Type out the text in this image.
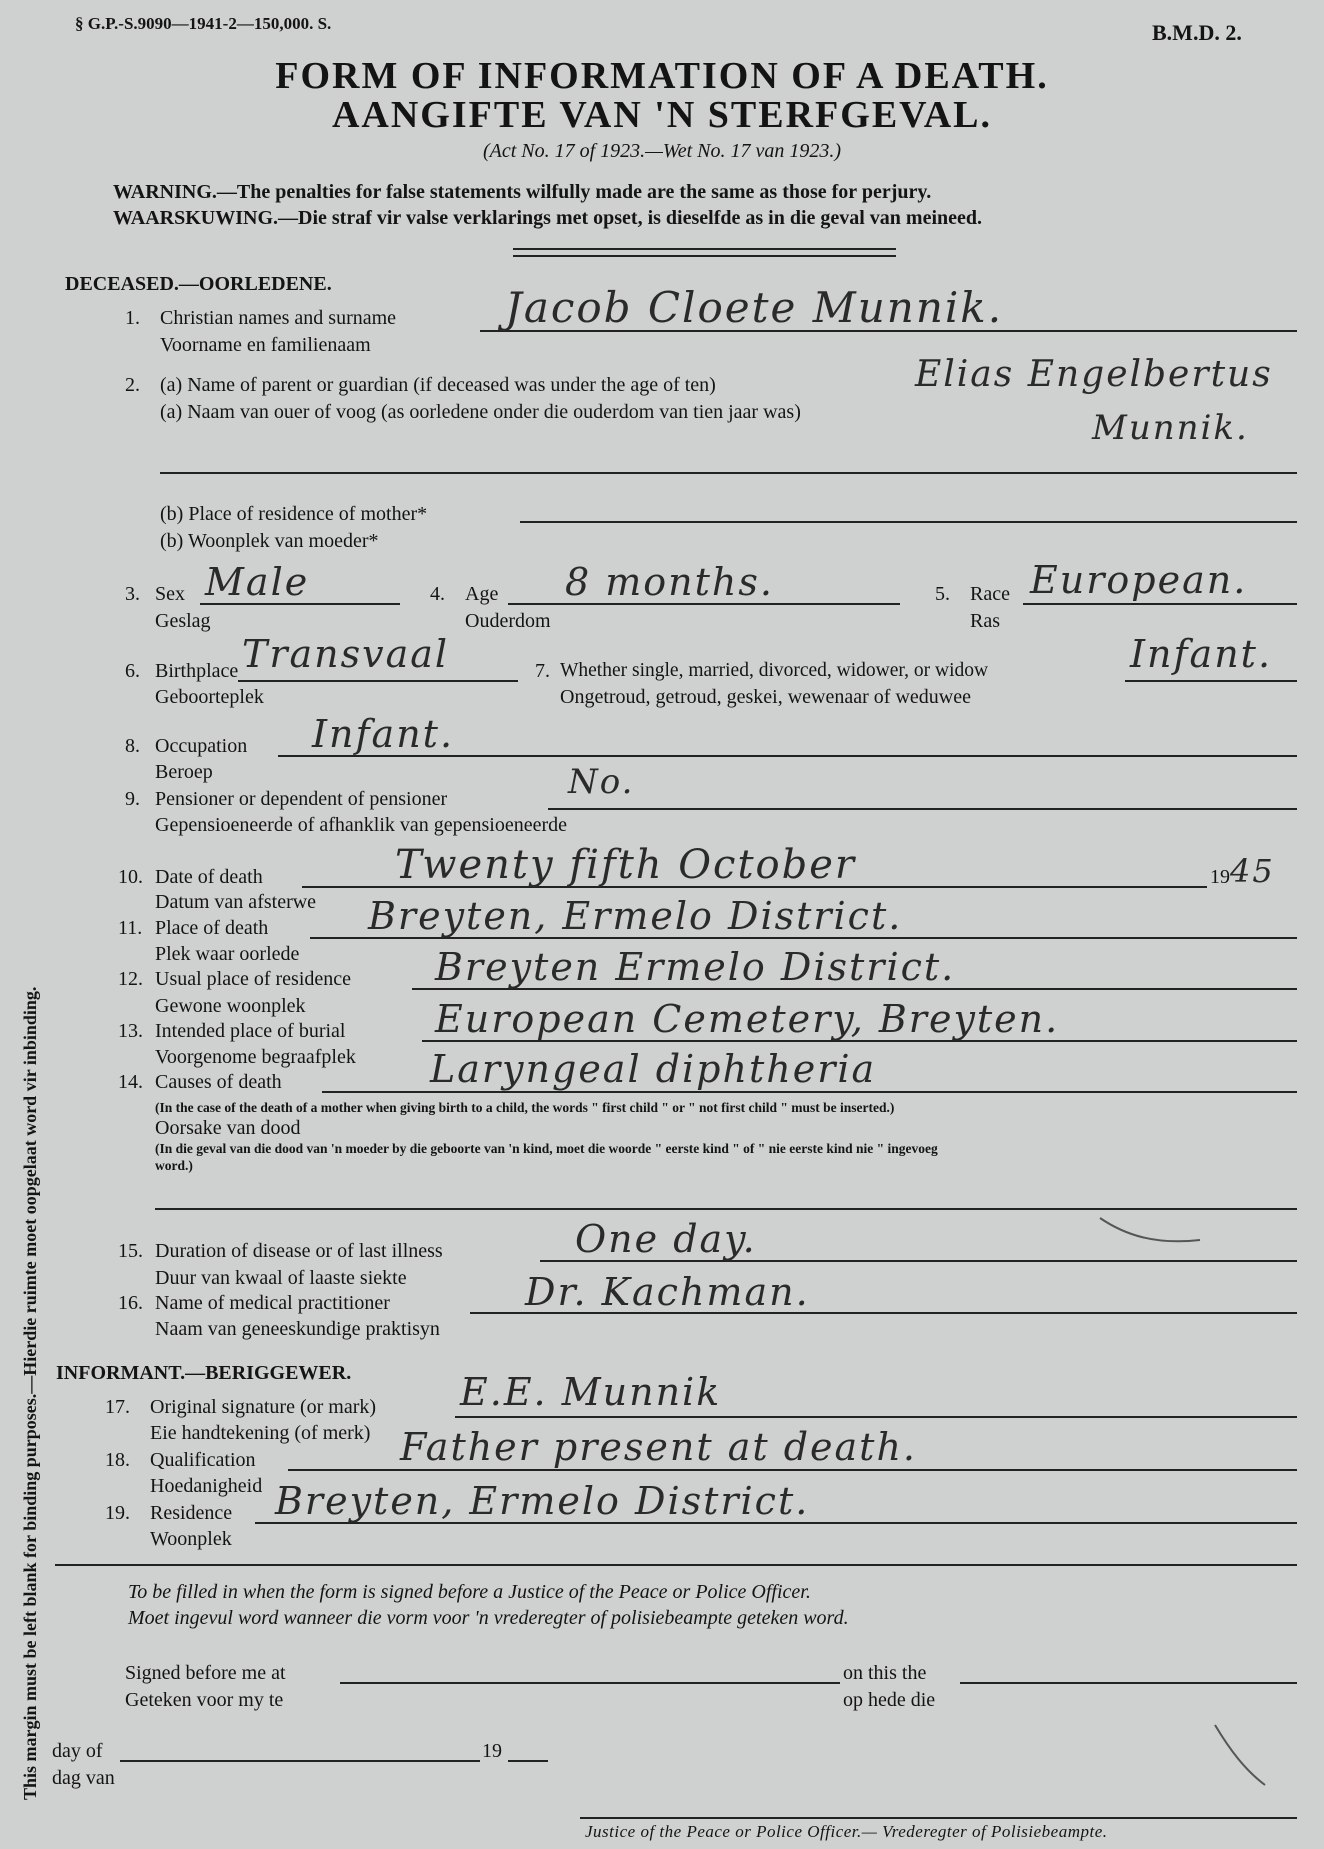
§ G.P.-S.9090—1941-2—150,000. S.	B.M.D. 2.
FORM OF INFORMATION OF A DEATH.
AANGIFTE VAN 'N STERFGEVAL.
(Act No. 17 of 1923.—Wet No. 17 van 1923.)
WARNING.—The penalties for false statements wilfully made are the same as those for perjury.
WAARSKUWING.—Die straf vir valse verklarings met opset, is dieselfde as in die geval van meineed.
DECEASED.—OORLEDENE.
1. Christian names and surname
Voorname en familienaam
Jacob Cloete Munnik.
2. (a) Name of parent or guardian (if deceased was under the age of ten)
(a) Naam van ouer of voog (as oorledene onder die ouderdom van tien jaar was)
Elias Engelbertus
Munnik.
(b) Place of residence of mother*
(b) Woonplek van moeder*
3. Sex
Geslag
Male	4. Age
Ouderdom
8 months.	5. Race
Ras
European.
6. Birthplace
Geboorteplek
Transvaal	7. Whether single, married, divorced, widower, or widow
Ongetroud, getroud, geskei, wewenaar of weduwee
Infant.
8. Occupation
Beroep
Infant.
9. Pensioner or dependent of pensioner
Gepensioeneerde of afhanklik van gepensioeneerde
No.
10. Date of death
Datum van afsterwe
Twenty fifth October	19 45
11. Place of death
Plek waar oorlede
Breyten, Ermelo District.
12. Usual place of residence
Gewone woonplek
Breyten Ermelo District.
13. Intended place of burial
Voorgenome begraafplek
European Cemetery, Breyten.
14. Causes of death	Laryngeal diphtheria
(In the case of the death of a mother when giving birth to a child, the words " first child " or " not first child " must be inserted.)
Oorsake van dood
(In die geval van die dood van 'n moeder by die geboorte van 'n kind, moet die woorde " eerste kind " of " nie eerste kind nie " ingevoeg
word.)
15. Duration of disease or of last illness
Duur van kwaal of laaste siekte
One day.
16. Name of medical practitioner
Naam van geneeskundige praktisyn
Dr. Kachman.
INFORMANT.—BERIGGEWER.
17. Original signature (or mark)
Eie handtekening (of merk)
E.E. Munnik
18. Qualification
Hoedanigheid
Father present at death.
19. Residence
Woonplek
Breyten, Ermelo District.
To be filled in when the form is signed before a Justice of the Peace or Police Officer.
Moet ingevul word wanneer die vorm voor 'n vrederegter of polisiebeampte geteken word.
Signed before me at
Geteken voor my te
on this the
op hede die
day of
dag van
19
Justice of the Peace or Police Officer.— Vrederegter of Polisiebeampte.
This margin must be left blank for binding purposes.—Hierdie ruimte moet oopgelaat word vir inbinding.
